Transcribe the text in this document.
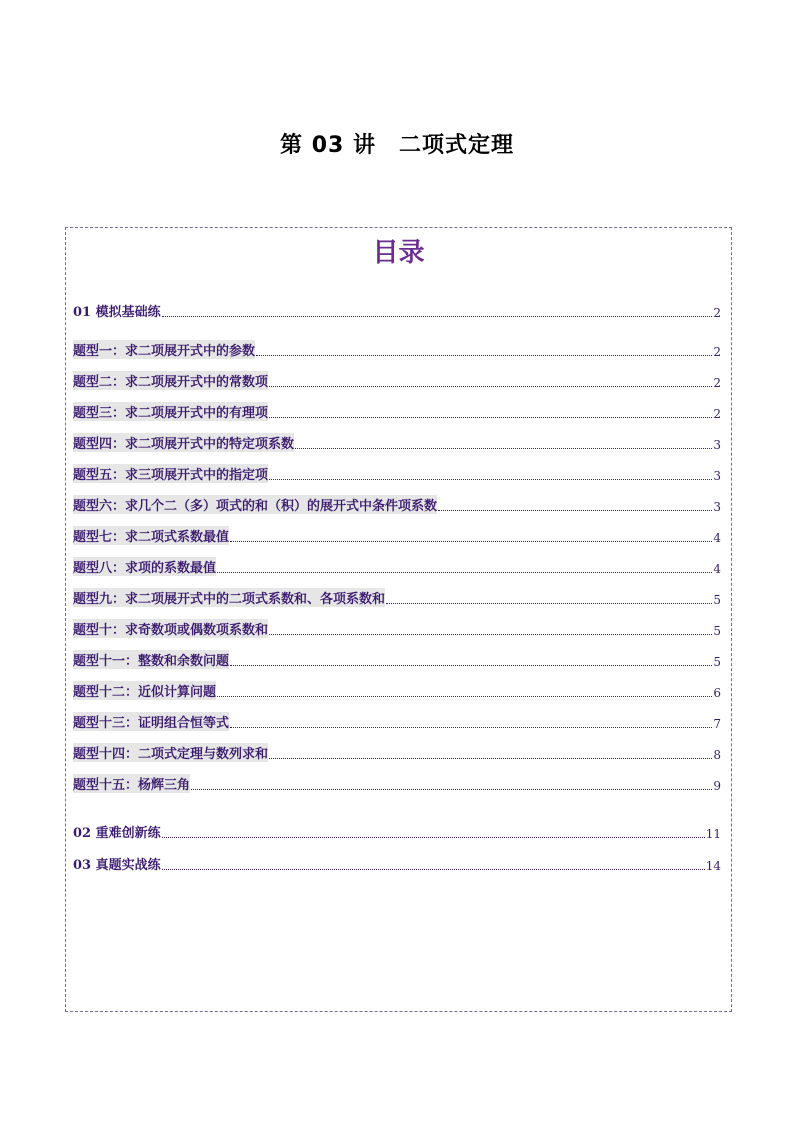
第 03 讲　二项式定理
目录
01 模拟基础练	2
题型一：求二项展开式中的参数	2
题型二：求二项展开式中的常数项	2
题型三：求二项展开式中的有理项	2
题型四：求二项展开式中的特定项系数	3
题型五：求三项展开式中的指定项	3
题型六：求几个二（多）项式的和（积）的展开式中条件项系数	3
题型七：求二项式系数最值	4
题型八：求项的系数最值	4
题型九：求二项展开式中的二项式系数和、各项系数和	5
题型十：求奇数项或偶数项系数和	5
题型十一：整数和余数问题	5
题型十二：近似计算问题	6
题型十三：证明组合恒等式	7
题型十四：二项式定理与数列求和	8
题型十五：杨辉三角	9
02 重难创新练	11
03 真题实战练	14
